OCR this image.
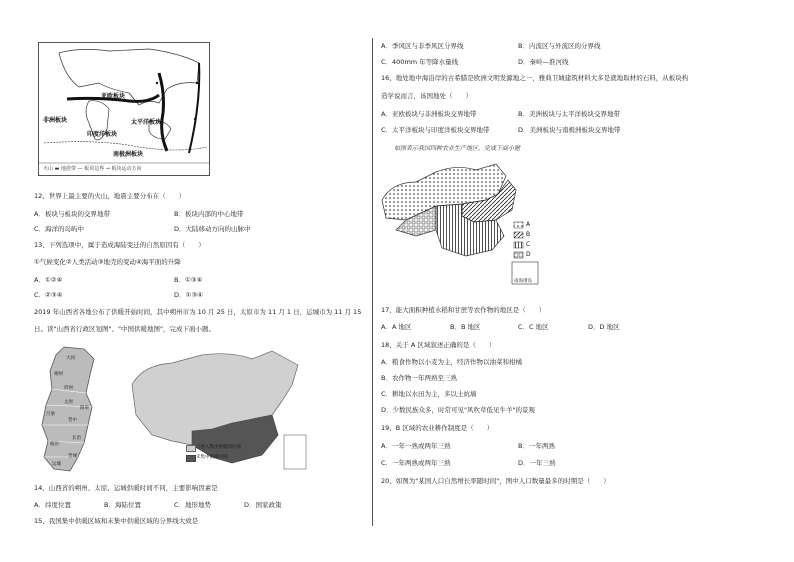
亚欧板块
非洲板块
印度洋板块
太平洋板块
南极洲板块
火山 ▬ 地震带 — 板块边界 → 板块运动方向
12、世界上最主要的火山、地震主要分布在（　　）
A．板块与板块的交界地带	B．板块内部的中心地带
C．海洋的岛屿中	D．大陆移动方向的山脉中
13、下列选项中，属于造成海陆变迁的自然原因有（　　）
①气候变化②人类活动③地壳的变动④海平面的升降
A．①②④	B．①③④
C．②③④	D．①③④
2019 年山西省各地公布了供暖开始时间，其中朔州市为 10 月 25 日，太原市为 11 月 1 日，运城市为 11 月 15
日。读"山西省行政区划图"、"中国供暖地图"，完成下面小题。
大同
朔州
忻州
太原
吕梁
晋中
阳泉
长治
临汾
晋城
运城
已进入集中供暖的区域
未集中供暖区域
14、山西省的朔州、太原、运城供暖时间不同，主要影响因素是
A．纬度位置	B．海陆位置	C．地形地势	D．国家政策
15、我国集中供暖区域和未集中供暖区域的分界线大致是
A．季风区与非季风区分界线	B．内流区与外流区的分界线
C．400mm 年等降水量线	D．秦岭—淮河线
16、地处地中海沿岸的古希腊是欧洲文明发源地之一，雅典卫城建筑材料大多是就地取材的石料，从板块构
造学说而言，该国地处（　　）
A．亚欧板块与非洲板块交界地带	B．美洲板块与太平洋板块交界地带
C．太平洋板块与印度洋板块交界地带	D．美洲板块与南极洲板块交界地带
如图表示我国四种农业生产地区，完成下面小题
A
B
C
D
南海诸岛
17、能大面积种植水稻和甘蔗等农作物的地区是（　　）
A．A 地区	B．B 地区	C．C 地区	D．D 地区
18、关于 A 区域叙述正确的是（　　）
A．粮食作物以小麦为主，经济作物以油菜和柑橘
B．农作物一年两熟至三熟
C．耕地以水田为主，多以土炕墙
D．少数民族众多，时常可见"风吹草低见牛羊"的景观
19、B 区域的农业耕作制度是（　　）
A．一年一熟或两年三熟	B．一年两熟
C．一年两熟或两年三熟	D．一年三熟
20、如图为"某国人口自然增长率随时间"，图中人口数量最多的时期是（　　）
